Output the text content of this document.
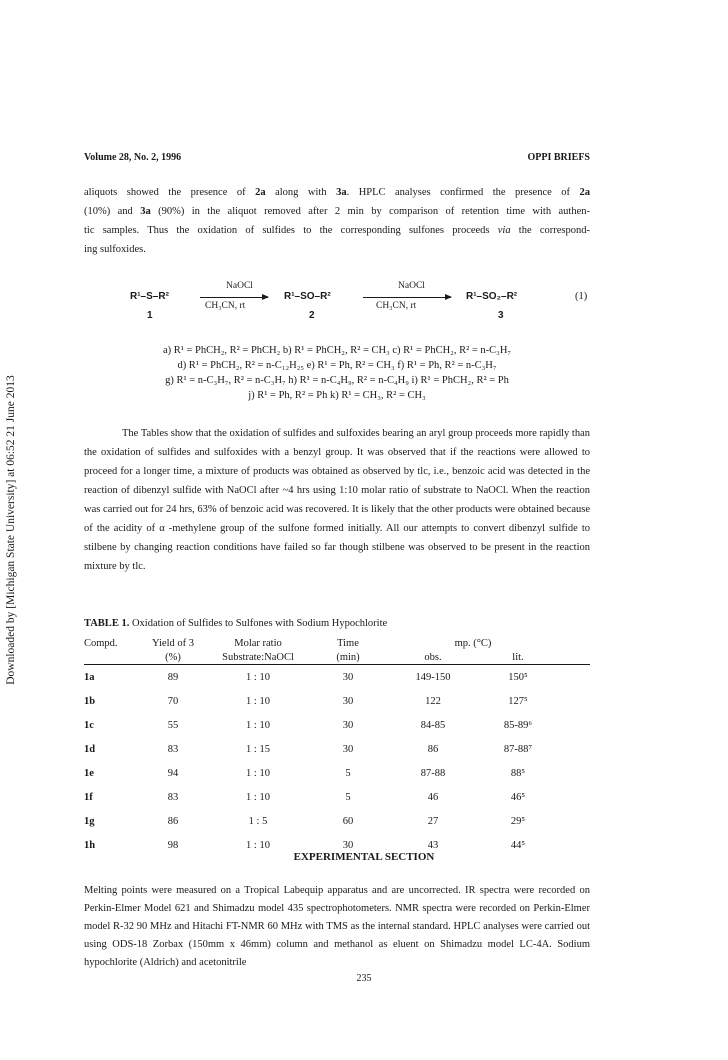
Downloaded by [Michigan State University] at 06:52 21 June 2013
Volume 28, No. 2, 1996	OPPI BRIEFS
aliquots showed the presence of 2a along with 3a. HPLC analyses confirmed the presence of 2a
(10%) and 3a (90%) in the aliquot removed after 2 min by comparison of retention time with authen-
tic samples. Thus the oxidation of sulfides to the corresponding sulfones proceeds via the correspond-
ing sulfoxides.
R¹–S–R²
NaOCl
CH₃CN, rt
R¹–SO–R²
NaOCl
CH₃CN, rt
R¹–SO₂–R²	(1)
1	2	3
a) R¹ = PhCH₂, R² = PhCH₂ b) R¹ = PhCH₂, R² = CH₃ c) R¹ = PhCH₂, R² = n-C₃H₇
d) R¹ = PhCH₂, R² = n-C₁₂H₂₅ e) R¹ = Ph, R² = CH₃ f) R¹ = Ph, R² = n-C₃H₇
g) R¹ = n-C₃H₇, R² = n-C₃H₇ h) R¹ = n-C₄H₉, R² = n-C₄H₉ i) R¹ = PhCH₂, R² = Ph
j) R¹ = Ph, R² = Ph k) R¹ = CH₃, R² = CH₃

The Tables show that the oxidation of sulfides and sulfoxides bearing an aryl group proceeds more rapidly than the oxidation of sulfides and sulfoxides with a benzyl group. It was observed that if the reactions were allowed to proceed for a longer time, a mixture of products was obtained as observed by tlc, i.e., benzoic acid was detected in the reaction of dibenzyl sulfide with NaOCl after ~4 hrs using 1:10 molar ratio of substrate to NaOCl. When the reaction was carried out for 24 hrs, 63% of benzoic acid was recovered. It is likely that the other products were obtained because of the acidity of α -methylene group of the sulfone formed initially. All our attempts to convert dibenzyl sulfide to stilbene by changing reaction conditions have failed so far though stilbene was observed to be present in the reaction mixture by tlc.

TABLE 1. Oxidation of Sulfides to Sulfones with Sodium Hypochlorite
Compd.	Yield of 3	Molar ratio	Time	mp. (°C)		
	(%)	Substrate:NaOCl	(min)	obs.	lit.	
1a	89	1 : 10	30	149-150	150⁵	
1b	70	1 : 10	30	122	127⁵	
1c	55	1 : 10	30	84-85	85-89⁶	
1d	83	1 : 15	30	86	87-88⁷	
1e	94	1 : 10	5	87-88	88⁵	
1f	83	1 : 10	5	46	46⁵	
1g	86	1 : 5	60	27	29⁵	
1h	98	1 : 10	30	43	44⁵	
EXPERIMENTAL SECTION

Melting points were measured on a Tropical Labequip apparatus and are uncorrected. IR spectra were recorded on Perkin-Elmer Model 621 and Shimadzu model 435 spectrophotometers. NMR spectra were recorded on Perkin-Elmer model R-32 90 MHz and Hitachi FT-NMR 60 MHz with TMS as the internal standard. HPLC analyses were carried out using ODS-18 Zorbax (150mm x 46mm) column and methanol as eluent on Shimadzu model LC-4A. Sodium hypochlorite (Aldrich) and acetonitrile

235
